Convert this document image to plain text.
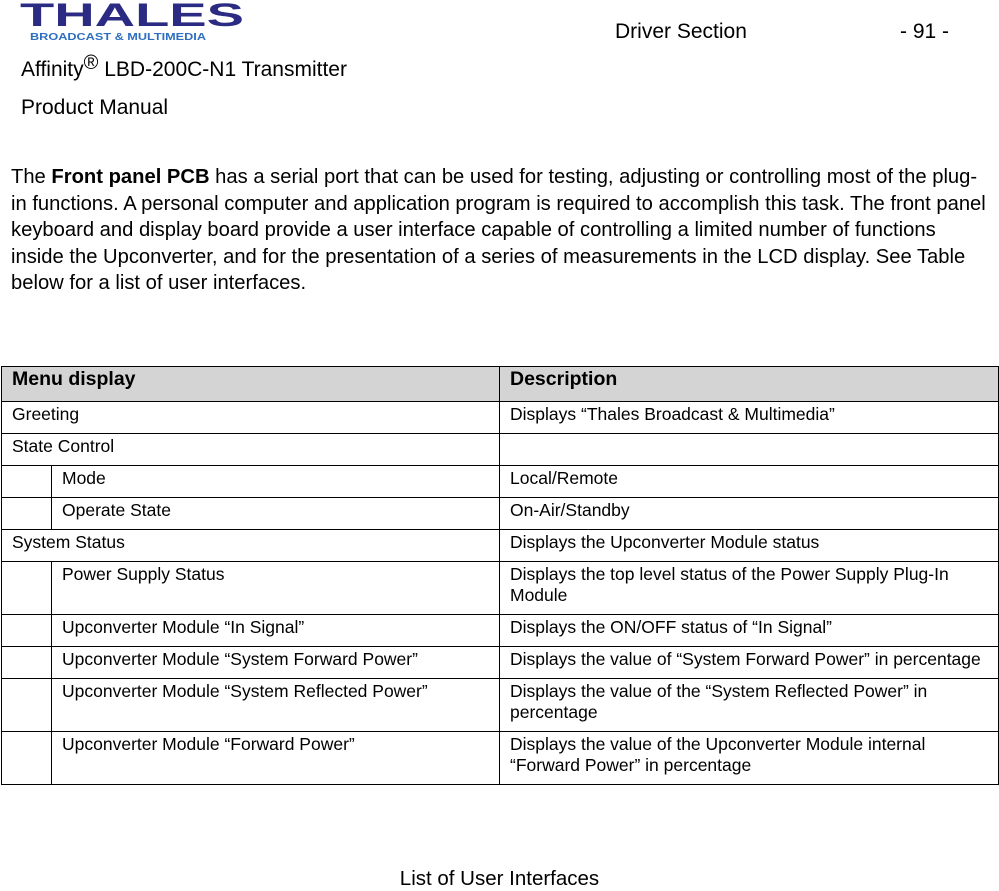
THALES
BROADCAST & MULTIMEDIA	Driver Section	- 91 -
Affinity® LBD-200C-N1 Transmitter
Product Manual

The Front panel PCB has a serial port that can be used for testing, adjusting or controlling most of the plug-in functions. A personal computer and application program is required to accomplish this task. The front panel keyboard and display board provide a user interface capable of controlling a limited number of functions inside the Upconverter, and for the presentation of a series of measurements in the LCD display. See Table below for a list of user interfaces.

Menu display		Description
Greeting		Displays “Thales Broadcast & Multimedia”
State Control		
	Mode	Local/Remote
	Operate State	On-Air/Standby
System Status		Displays the Upconverter Module status
	Power Supply Status	Displays the top level status of the Power Supply Plug-In Module
	Upconverter Module “In Signal”	Displays the ON/OFF status of “In Signal”
	Upconverter Module “System Forward Power”	Displays the value of “System Forward Power” in percentage
	Upconverter Module “System Reflected Power”	Displays the value of the “System Reflected Power” in percentage
	Upconverter Module “Forward Power”	Displays the value of the Upconverter Module internal “Forward Power” in percentage
List of User Interfaces
